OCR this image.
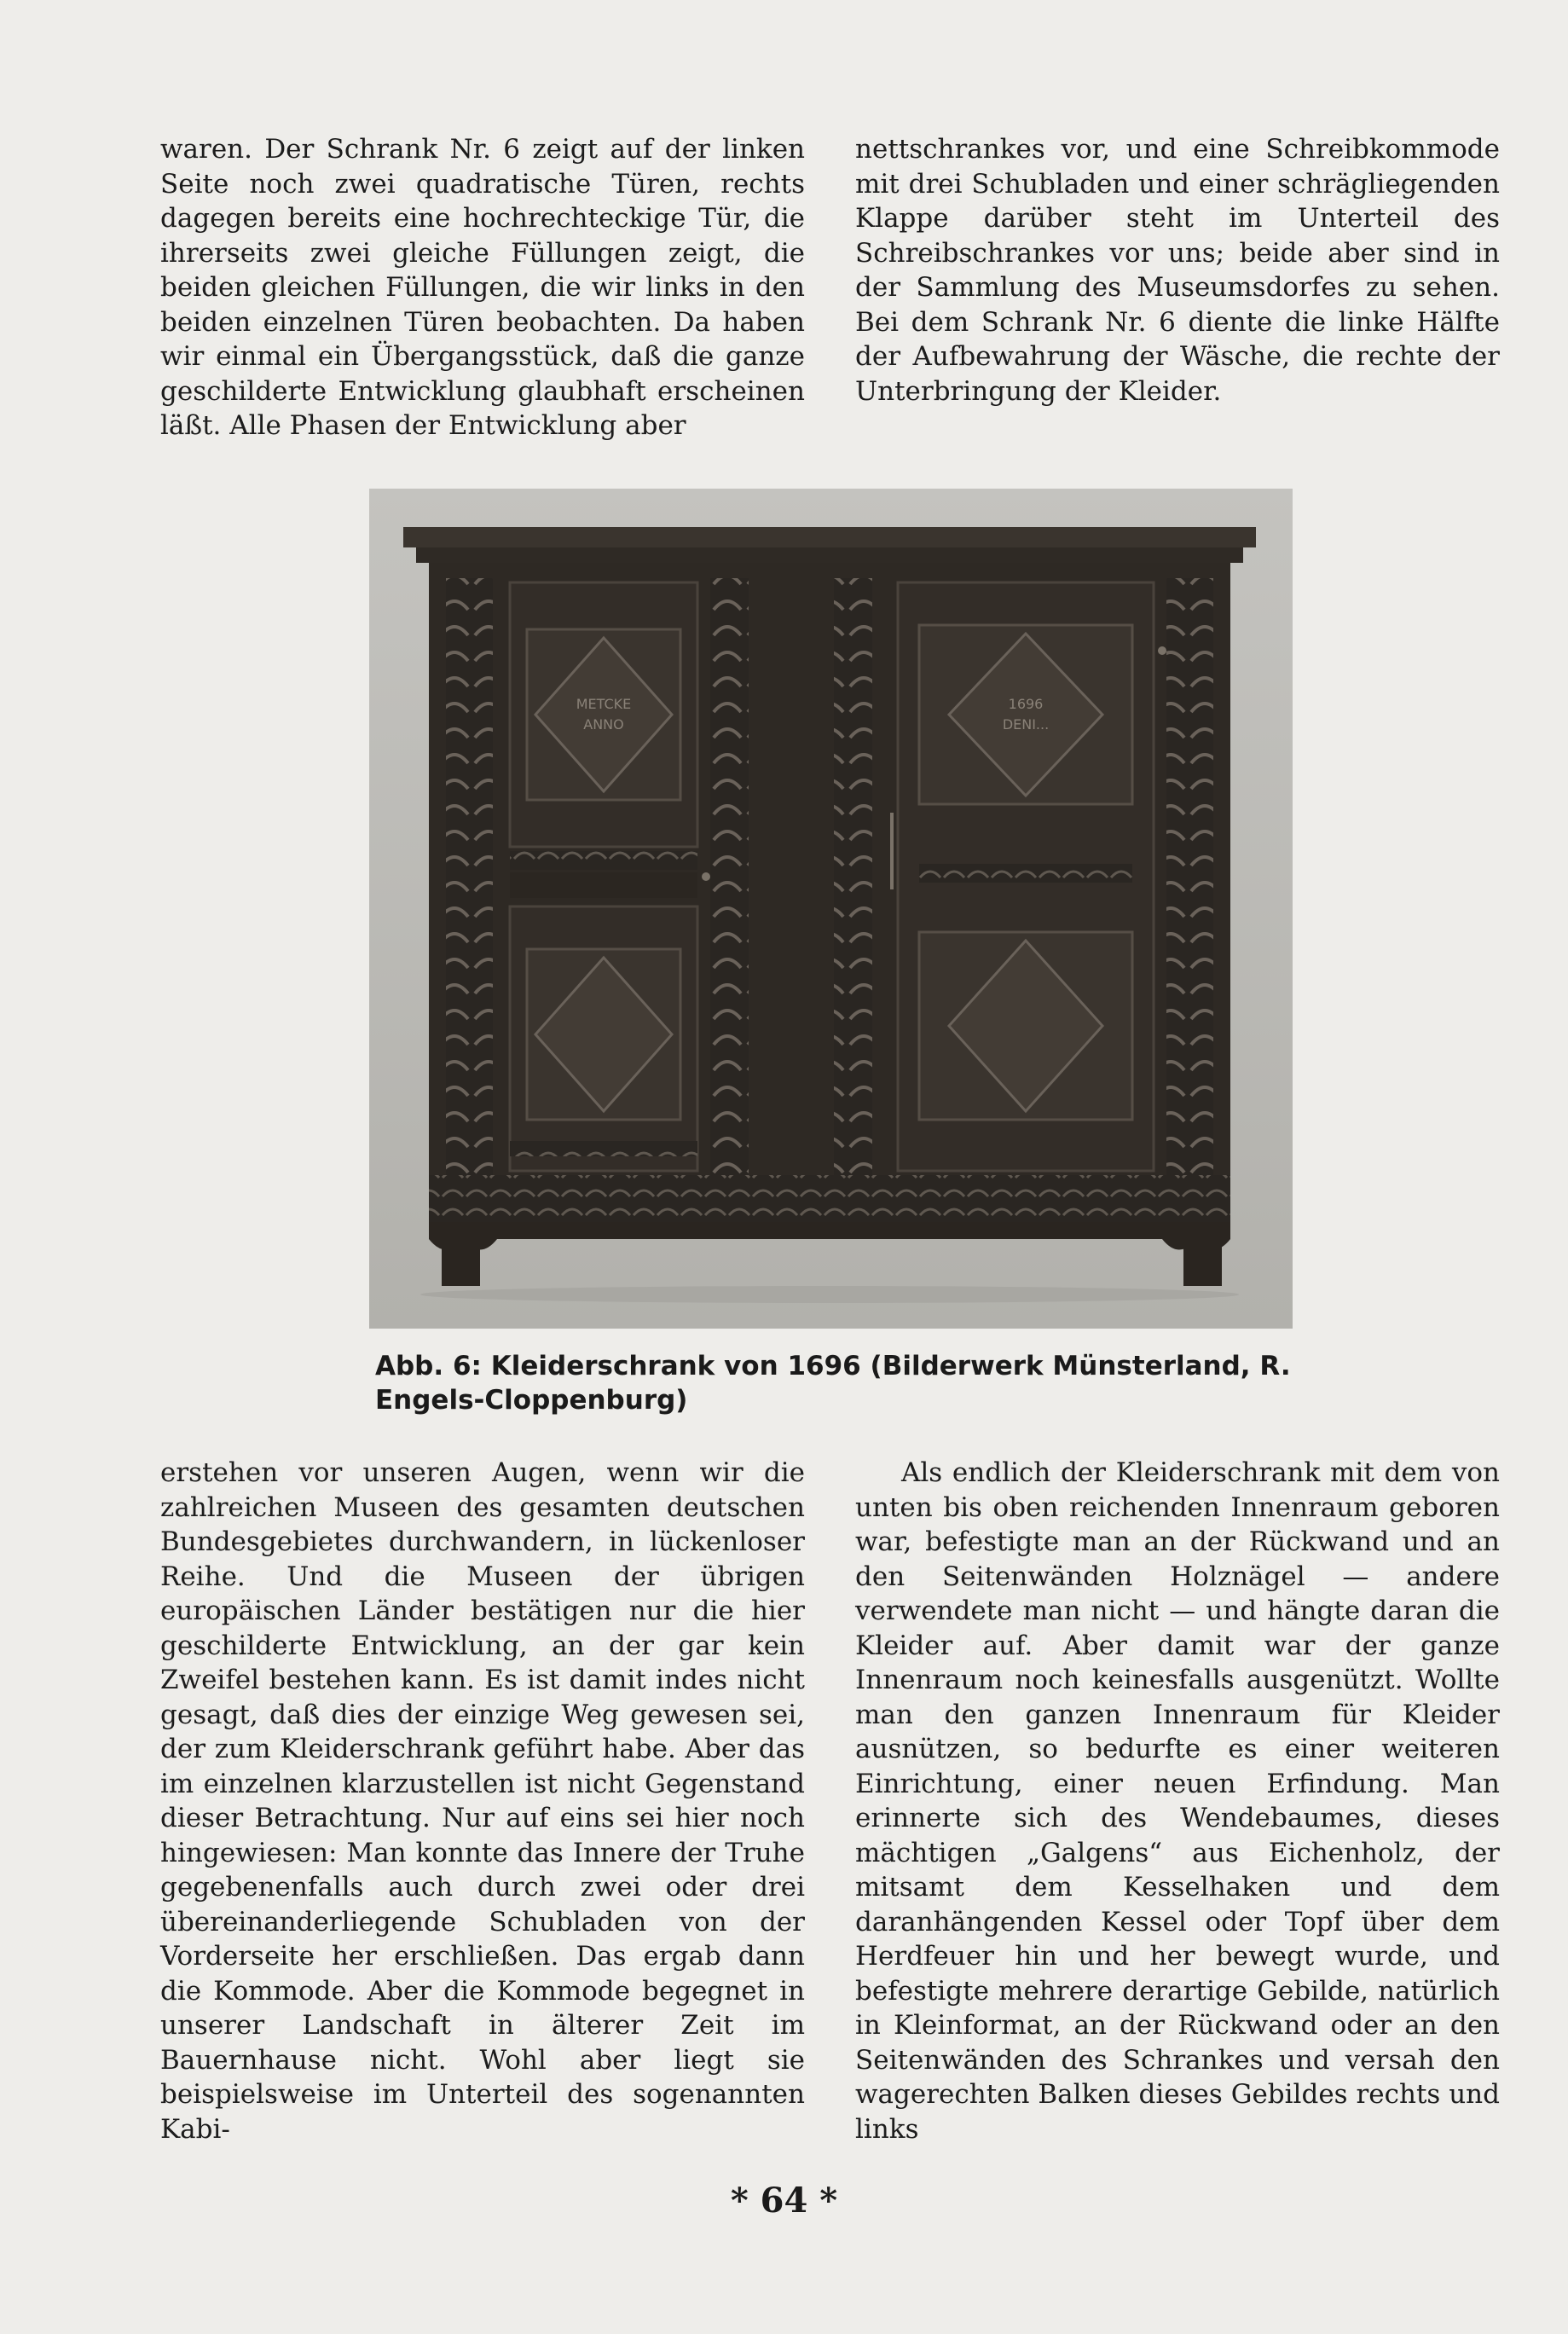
waren. Der Schrank Nr. 6 zeigt auf der linken Seite noch zwei quadratische Türen, rechts dagegen bereits eine hochrechteckige Tür, die ihrerseits zwei gleiche Füllungen zeigt, die beiden gleichen Füllungen, die wir links in den beiden einzelnen Türen beobachten. Da haben wir einmal ein Übergangsstück, daß die ganze geschilderte Entwicklung glaubhaft erscheinen läßt. Alle Phasen der Entwicklung aber

nettschrankes vor, und eine Schreibkommode mit drei Schubladen und einer schrägliegenden Klappe darüber steht im Unterteil des Schreibschrankes vor uns; beide aber sind in der Sammlung des Museumsdorfes zu sehen. Bei dem Schrank Nr. 6 diente die linke Hälfte der Aufbewahrung der Wäsche, die rechte der Unterbringung der Kleider.

METCKE
ANNO
1696
DENI...
Abb. 6: Kleiderschrank von 1696 (Bilderwerk Münsterland, R. Engels-Cloppenburg)

erstehen vor unseren Augen, wenn wir die zahlreichen Museen des gesamten deutschen Bundesgebietes durchwandern, in lückenloser Reihe. Und die Museen der übrigen europäischen Länder bestätigen nur die hier geschilderte Entwicklung, an der gar kein Zweifel bestehen kann. Es ist damit indes nicht gesagt, daß dies der einzige Weg gewesen sei, der zum Kleiderschrank geführt habe. Aber das im einzelnen klarzustellen ist nicht Gegenstand dieser Betrachtung. Nur auf eins sei hier noch hingewiesen: Man konnte das Innere der Truhe gegebenenfalls auch durch zwei oder drei übereinanderliegende Schubladen von der Vorderseite her erschließen. Das ergab dann die Kommode. Aber die Kommode begegnet in unserer Landschaft in älterer Zeit im Bauernhause nicht. Wohl aber liegt sie beispielsweise im Unterteil des sogenannten Kabi-

Als endlich der Kleiderschrank mit dem von unten bis oben reichenden Innenraum geboren war, befestigte man an der Rückwand und an den Seitenwänden Holznägel — andere verwendete man nicht — und hängte daran die Kleider auf. Aber damit war der ganze Innenraum noch keinesfalls ausgenützt. Wollte man den ganzen Innenraum für Kleider ausnützen, so bedurfte es einer weiteren Einrichtung, einer neuen Erfindung. Man erinnerte sich des Wendebaumes, dieses mächtigen „Galgens“ aus Eichenholz, der mitsamt dem Kesselhaken und dem daranhängenden Kessel oder Topf über dem Herdfeuer hin und her bewegt wurde, und befestigte mehrere derartige Gebilde, natürlich in Kleinformat, an der Rückwand oder an den Seitenwänden des Schrankes und versah den wagerechten Balken dieses Gebildes rechts und links

* 64 *
